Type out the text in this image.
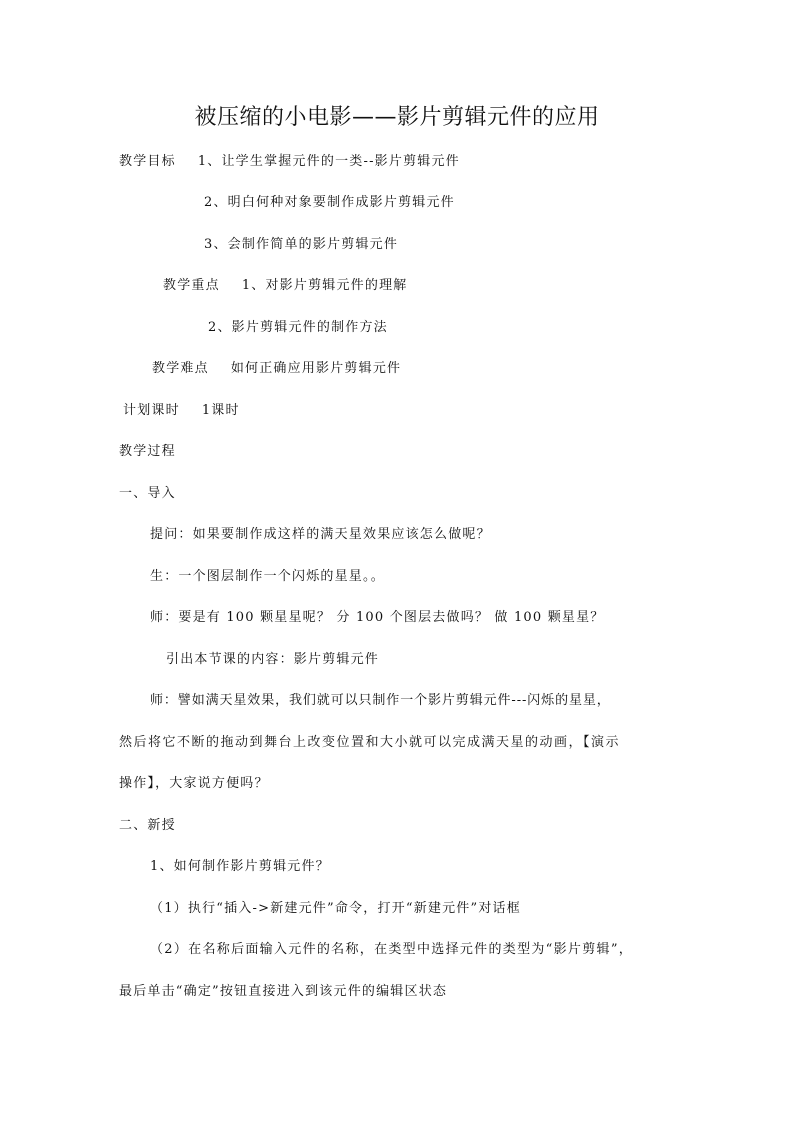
被压缩的小电影——影片剪辑元件的应用

教学目标 1、让学生掌握元件的一类--影片剪辑元件

2、明白何种对象要制作成影片剪辑元件

3、会制作简单的影片剪辑元件

教学重点 1、对影片剪辑元件的理解

2、影片剪辑元件的制作方法

教学难点 如何正确应用影片剪辑元件

计划课时 1课时

教学过程

一、导入

提问：如果要制作成这样的满天星效果应该怎么做呢？

生：一个图层制作一个闪烁的星星。。

师：要是有 100 颗星星呢？ 分 100 个图层去做吗？ 做 100 颗星星？

引出本节课的内容：影片剪辑元件

师：譬如满天星效果，我们就可以只制作一个影片剪辑元件---闪烁的星星，

然后将它不断的拖动到舞台上改变位置和大小就可以完成满天星的动画，【演示

操作】，大家说方便吗？

二、新授

1、如何制作影片剪辑元件？

（1）执行“插入->新建元件”命令，打开“新建元件”对话框

（2）在名称后面输入元件的名称，在类型中选择元件的类型为“影片剪辑”，

最后单击“确定”按钮直接进入到该元件的编辑区状态
